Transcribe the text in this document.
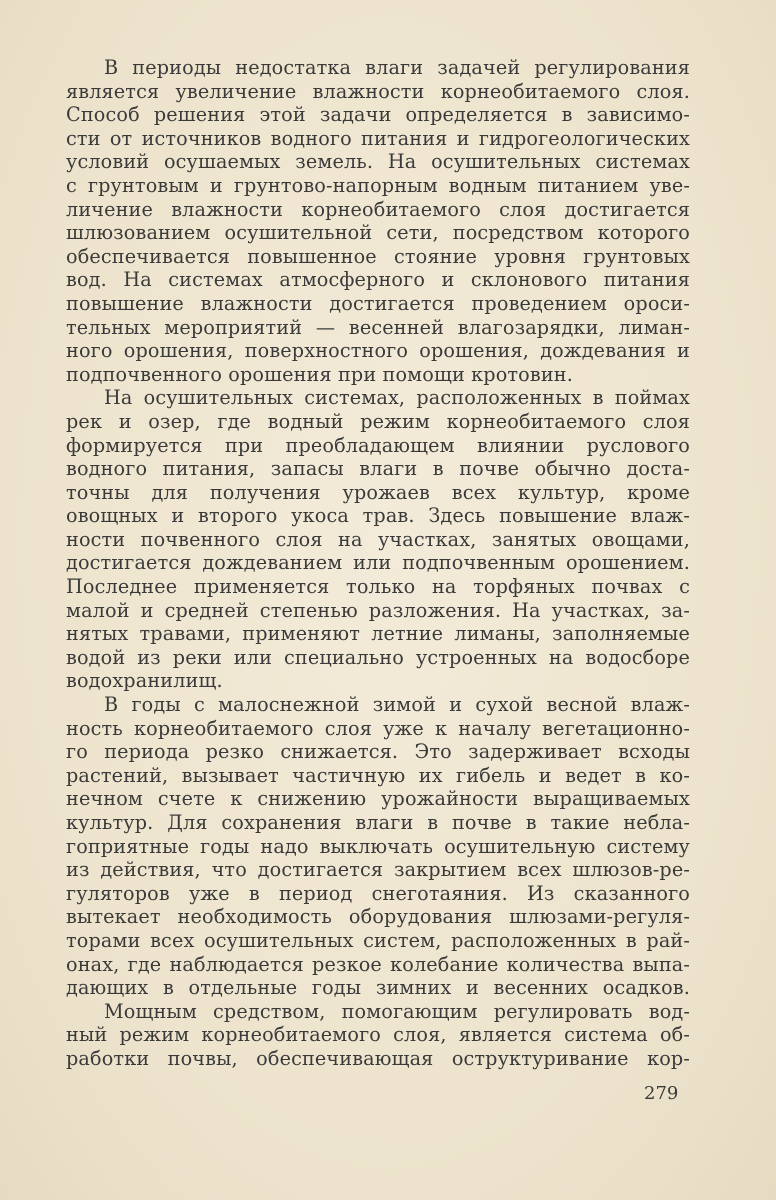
В периоды недостатка влаги задачей регулирования
является увеличение влажности корнеобитаемого слоя.
Способ решения этой задачи определяется в зависимо-
сти от источников водного питания и гидрогеологических
условий осушаемых земель. На осушительных системах
с грунтовым и грунтово-напорным водным питанием уве-
личение влажности корнеобитаемого слоя достигается
шлюзованием осушительной сети, посредством которого
обеспечивается повышенное стояние уровня грунтовых
вод. На системах атмосферного и склонового питания
повышение влажности достигается проведением ороси-
тельных мероприятий — весенней влагозарядки, лиман-
ного орошения, поверхностного орошения, дождевания и
подпочвенного орошения при помощи кротовин.
На осушительных системах, расположенных в поймах
рек и озер, где водный режим корнеобитаемого слоя
формируется при преобладающем влиянии руслового
водного питания, запасы влаги в почве обычно доста-
точны для получения урожаев всех культур, кроме
овощных и второго укоса трав. Здесь повышение влаж-
ности почвенного слоя на участках, занятых овощами,
достигается дождеванием или подпочвенным орошением.
Последнее применяется только на торфяных почвах с
малой и средней степенью разложения. На участках, за-
нятых травами, применяют летние лиманы, заполняемые
водой из реки или специально устроенных на водосборе
водохранилищ.
В годы с малоснежной зимой и сухой весной влаж-
ность корнеобитаемого слоя уже к началу вегетационно-
го периода резко снижается. Это задерживает всходы
растений, вызывает частичную их гибель и ведет в ко-
нечном счете к снижению урожайности выращиваемых
культур. Для сохранения влаги в почве в такие небла-
гоприятные годы надо выключать осушительную систему
из действия, что достигается закрытием всех шлюзов-ре-
гуляторов уже в период снеготаяния. Из сказанного
вытекает необходимость оборудования шлюзами-регуля-
торами всех осушительных систем, расположенных в рай-
онах, где наблюдается резкое колебание количества выпа-
дающих в отдельные годы зимних и весенних осадков.
Мощным средством, помогающим регулировать вод-
ный режим корнеобитаемого слоя, является система об-
работки почвы, обеспечивающая оструктуривание кор-
279
